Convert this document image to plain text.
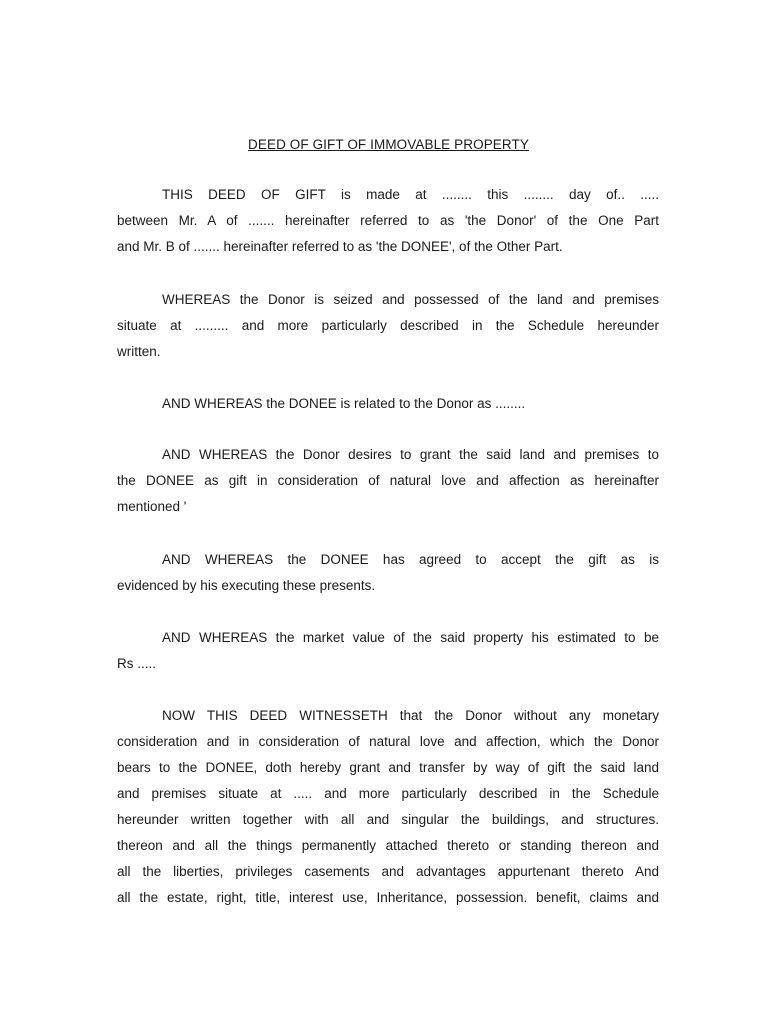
DEED OF GIFT OF IMMOVABLE PROPERTY
THIS DEED OF GIFT is made at ........ this ........ day of.. .....
between Mr. A of ....... hereinafter referred to as 'the Donor' of the One Part
and Mr. B of ....... hereinafter referred to as 'the DONEE', of the Other Part.
WHEREAS the Donor is seized and possessed of the land and premises
situate at ......... and more particularly described in the Schedule hereunder
written.
AND WHEREAS the DONEE is related to the Donor as ........
AND WHEREAS the Donor desires to grant the said land and premises to
the DONEE as gift in consideration of natural love and affection as hereinafter
mentioned '
AND WHEREAS the DONEE has agreed to accept the gift as is
evidenced by his executing these presents.
AND WHEREAS the market value of the said property his estimated to be
Rs .....
NOW THIS DEED WITNESSETH that the Donor without any monetary
consideration and in consideration of natural love and affection, which the Donor
bears to the DONEE, doth hereby grant and transfer by way of gift the said land
and premises situate at ..... and more particularly described in the Schedule
hereunder written together with all and singular the buildings, and structures.
thereon and all the things permanently attached thereto or standing thereon and
all the liberties, privileges casements and advantages appurtenant thereto And
all the estate, right, title, interest use, Inheritance, possession. benefit, claims and
